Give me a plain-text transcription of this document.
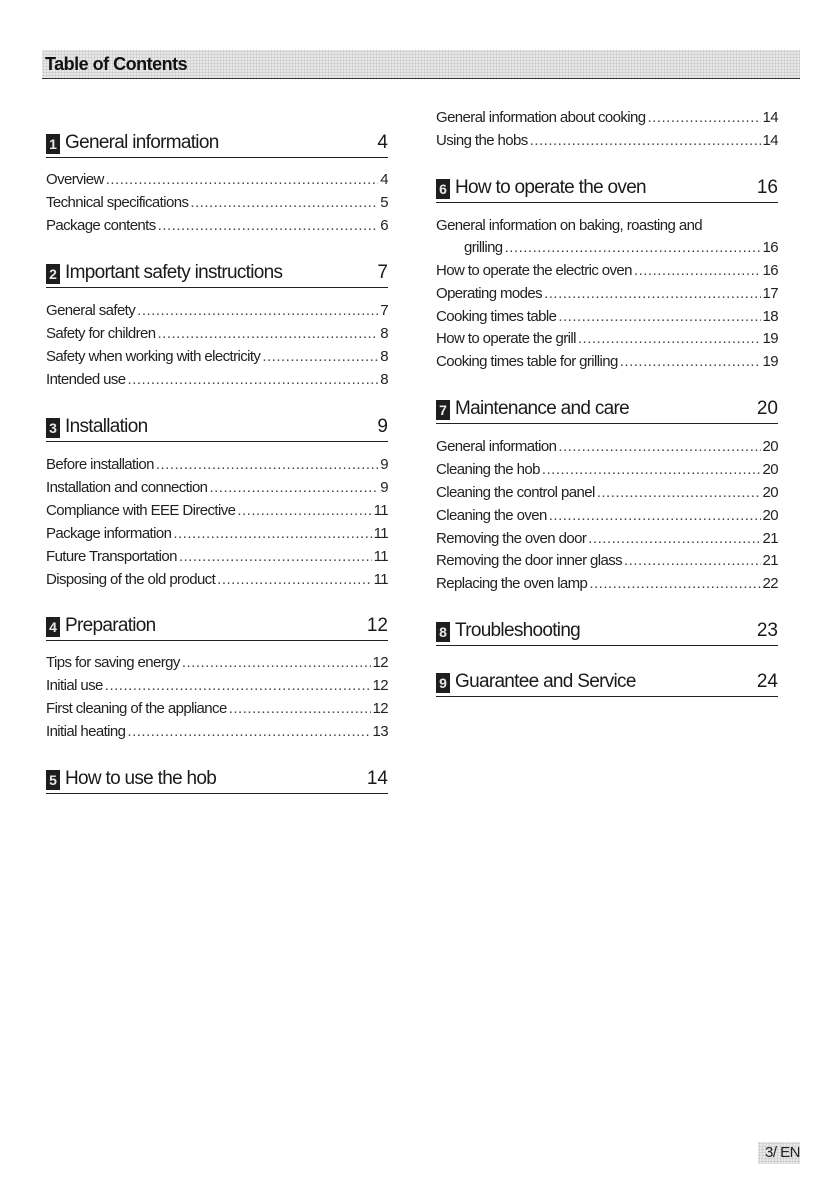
Table of Contents
1 General information	4
Overview .....	4
Technical specifications .....	5
Package contents .....	6
2 Important safety instructions	7
General safety .....	7
Safety for children .....	8
Safety when working with electricity .....	8
Intended use .....	8
3 Installation	9
Before installation .....	9
Installation and connection .....	9
Compliance with EEE Directive .....	11
Package information .....	11
Future Transportation .....	11
Disposing of the old product .....	11
4 Preparation	12
Tips for saving energy .....	12
Initial use .....	12
First cleaning of the appliance .....	12
Initial heating .....	13
5 How to use the hob	14
General information about cooking .....	14
Using the hobs .....	14
6 How to operate the oven	16
General information on baking, roasting and
grilling .....	16
How to operate the electric oven .....	16
Operating modes .....	17
Cooking times table .....	18
How to operate the grill .....	19
Cooking times table for grilling .....	19
7 Maintenance and care	20
General information .....	20
Cleaning the hob .....	20
Cleaning the control panel .....	20
Cleaning the oven .....	20
Removing the oven door .....	21
Removing the door inner glass .....	21
Replacing the oven lamp .....	22
8 Troubleshooting	23
9 Guarantee and Service	24
3/ EN
